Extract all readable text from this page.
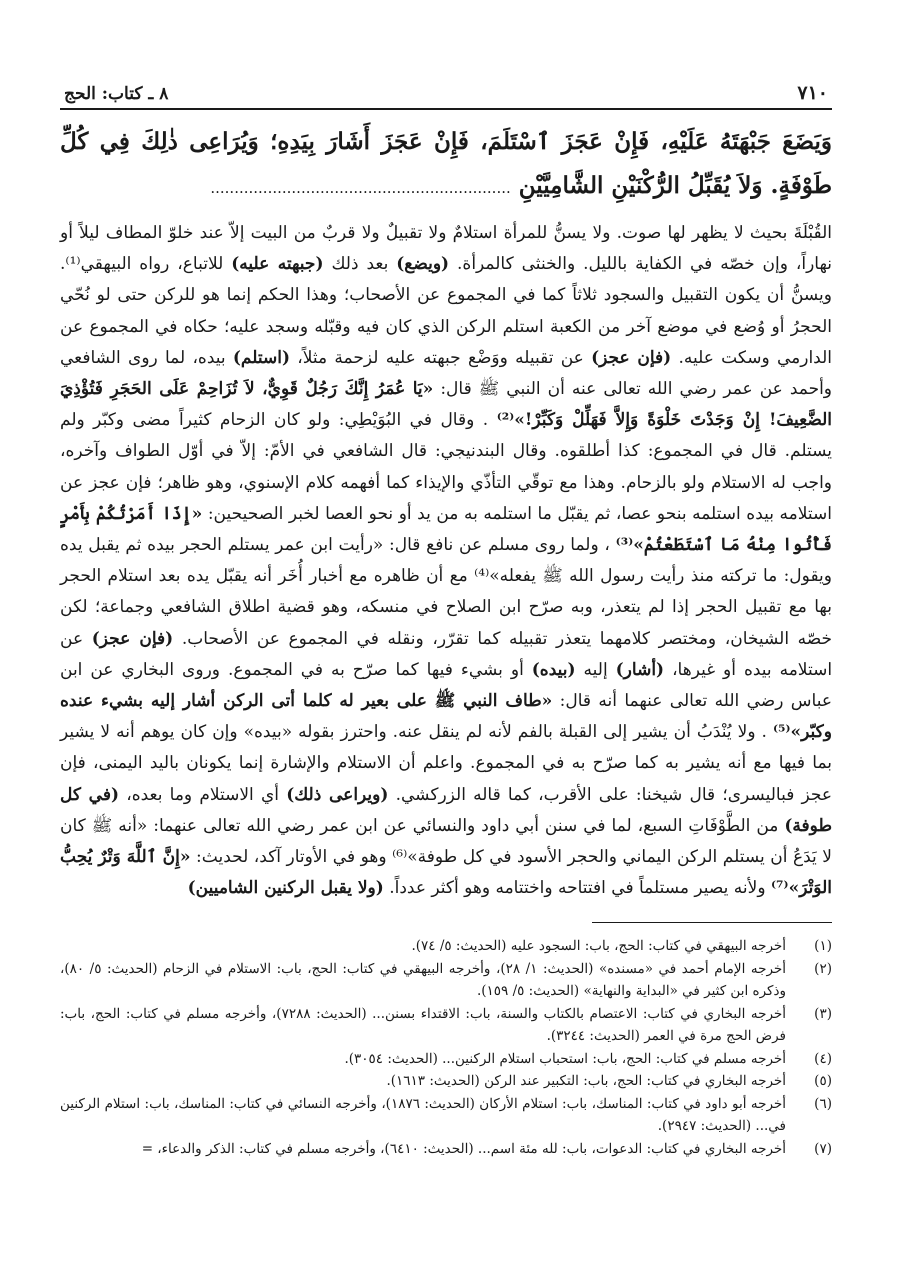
٧١٠
٨ ـ كتاب: الحج
وَيَضَعَ جَبْهَتَهُ عَلَيْهِ، فَإِنْ عَجَزَ ٱسْتَلَمَ، فَإِنْ عَجَزَ أَشَارَ بِيَدِهِ؛ وَيُرَاعِى ذٰلِكَ فِي كُلِّ طَوْفَةٍ. وَلاَ يُقَبِّلُ الرُّكْنَيْنِ الشَّامِيَّيْنِ ...............................................................
القُبْلَةَ بحيث لا يظهر لها صوت. ولا يسنُّ للمرأة استلامٌ ولا تقبيلٌ ولا قربٌ من البيت إلاّ عند خلوّ المطاف ليلاً أو نهاراً، وإن خصّه في الكفاية بالليل. والخنثى كالمرأة. (ويضع) بعد ذلك (جبهته عليه) للاتباع، رواه البيهقي⁽¹⁾. ويسنُّ أن يكون التقبيل والسجود ثلاثاً كما في المجموع عن الأصحاب؛ وهذا الحكم إنما هو للركن حتى لو نُحّي الحجرُ أو وُضع في موضع آخر من الكعبة استلم الركن الذي كان فيه وقبّله وسجد عليه؛ حكاه في المجموع عن الدارمي وسكت عليه. (فإن عجز) عن تقبيله ووَضْع جبهته عليه لزحمة مثلاً، (استلم) بيده، لما روى الشافعي وأحمد عن عمر رضي الله تعالى عنه أن النبي ﷺ قال: «يَا عُمَرُ إِنَّكَ رَجُلٌ قَوِيٌّ، لاَ تُزَاحِمْ عَلَى الحَجَرِ فَتُؤْذِيَ الضَّعِيفَ! إِنْ وَجَدْتَ خَلْوَةً وَإِلاَّ فَهَلِّلْ وَكَبِّرْ!»⁽²⁾ . وقال في البُوَيْطِي: ولو كان الزحام كثيراً مضى وكبّر ولم يستلم. قال في المجموع: كذا أطلقوه. وقال البندنيجي: قال الشافعي في الأمّ: إلاّ في أوّل الطواف وآخره، واجب له الاستلام ولو بالزحام. وهذا مع توقّي التأذّي والإيذاء كما أفهمه كلام الإسنوي، وهو ظاهر؛ فإن عجز عن استلامه بيده استلمه بنحو عصا، ثم يقبّل ما استلمه به من يد أو نحو العصا لخبر الصحيحين: «إِذَا أَمَرْتُكُمْ بِأَمْرٍ فَأْتُوا مِنْهُ مَا ٱسْتَطَعْتُمْ»⁽³⁾ ، ولما روى مسلم عن نافع قال: «رأيت ابن عمر يستلم الحجر بيده ثم يقبل يده ويقول: ما تركته منذ رأيت رسول الله ﷺ يفعله»⁽⁴⁾ مع أن ظاهره مع أخبار أُخَر أنه يقبّل يده بعد استلام الحجر بها مع تقبيل الحجر إذا لم يتعذر، وبه صرّح ابن الصلاح في منسكه، وهو قضية اطلاق الشافعي وجماعة؛ لكن خصّه الشيخان، ومختصر كلامهما يتعذر تقبيله كما تقرّر، ونقله في المجموع عن الأصحاب. (فإن عجز) عن استلامه بيده أو غيرها، (أشار) إليه (بيده) أو بشيء فيها كما صرّح به في المجموع. وروى البخاري عن ابن عباس رضي الله تعالى عنهما أنه قال: «طاف النبي ﷺ على بعير له كلما أتى الركن أشار إليه بشيء عنده وكبّر»⁽⁵⁾ . ولا يُنْدَبُ أن يشير إلى القبلة بالفم لأنه لم ينقل عنه. واحترز بقوله «بيده» وإن كان يوهم أنه لا يشير بما فيها مع أنه يشير به كما صرّح به في المجموع. واعلم أن الاستلام والإشارة إنما يكونان باليد اليمنى، فإن عجز فباليسرى؛ قال شيخنا: على الأقرب، كما قاله الزركشي. (ويراعى ذلك) أي الاستلام وما بعده، (في كل طوفة) من الطَّوْفَاتِ السبع، لما في سنن أبي داود والنسائي عن ابن عمر رضي الله تعالى عنهما: «أنه ﷺ كان لا يَدَعُ أن يستلم الركن اليماني والحجر الأسود في كل طوفة»⁽⁶⁾ وهو في الأوتار آكد، لحديث: «إِنَّ ٱللَّهَ وَتْرٌ يُحِبُّ الوَتْرَ»⁽⁷⁾ ولأنه يصير مستلماً في افتتاحه واختتامه وهو أكثر عدداً. (ولا يقبل الركنين الشاميين)
(١)
أخرجه البيهقي في كتاب: الحج، باب: السجود عليه (الحديث: ٥/ ٧٤).
(٢)
أخرجه الإمام أحمد في «مسنده» (الحديث: ١/ ٢٨)، وأخرجه البيهقي في كتاب: الحج، باب: الاستلام في الزحام (الحديث: ٥/ ٨٠)، وذكره ابن كثير في «البداية والنهاية» (الحديث: ٥/ ١٥٩).
(٣)
أخرجه البخاري في كتاب: الاعتصام بالكتاب والسنة، باب: الاقتداء بسنن... (الحديث: ٧٢٨٨)، وأخرجه مسلم في كتاب: الحج، باب: فرض الحج مرة في العمر (الحديث: ٣٢٤٤).
(٤)
أخرجه مسلم في كتاب: الحج، باب: استحباب استلام الركنين... (الحديث: ٣٠٥٤).
(٥)
أخرجه البخاري في كتاب: الحج، باب: التكبير عند الركن (الحديث: ١٦١٣).
(٦)
أخرجه أبو داود في كتاب: المناسك، باب: استلام الأركان (الحديث: ١٨٧٦)، وأخرجه النسائي في كتاب: المناسك، باب: استلام الركنين في... (الحديث: ٢٩٤٧).
(٧)
أخرجه البخاري في كتاب: الدعوات، باب: لله مئة اسم... (الحديث: ٦٤١٠)، وأخرجه مسلم في كتاب: الذكر والدعاء، =
